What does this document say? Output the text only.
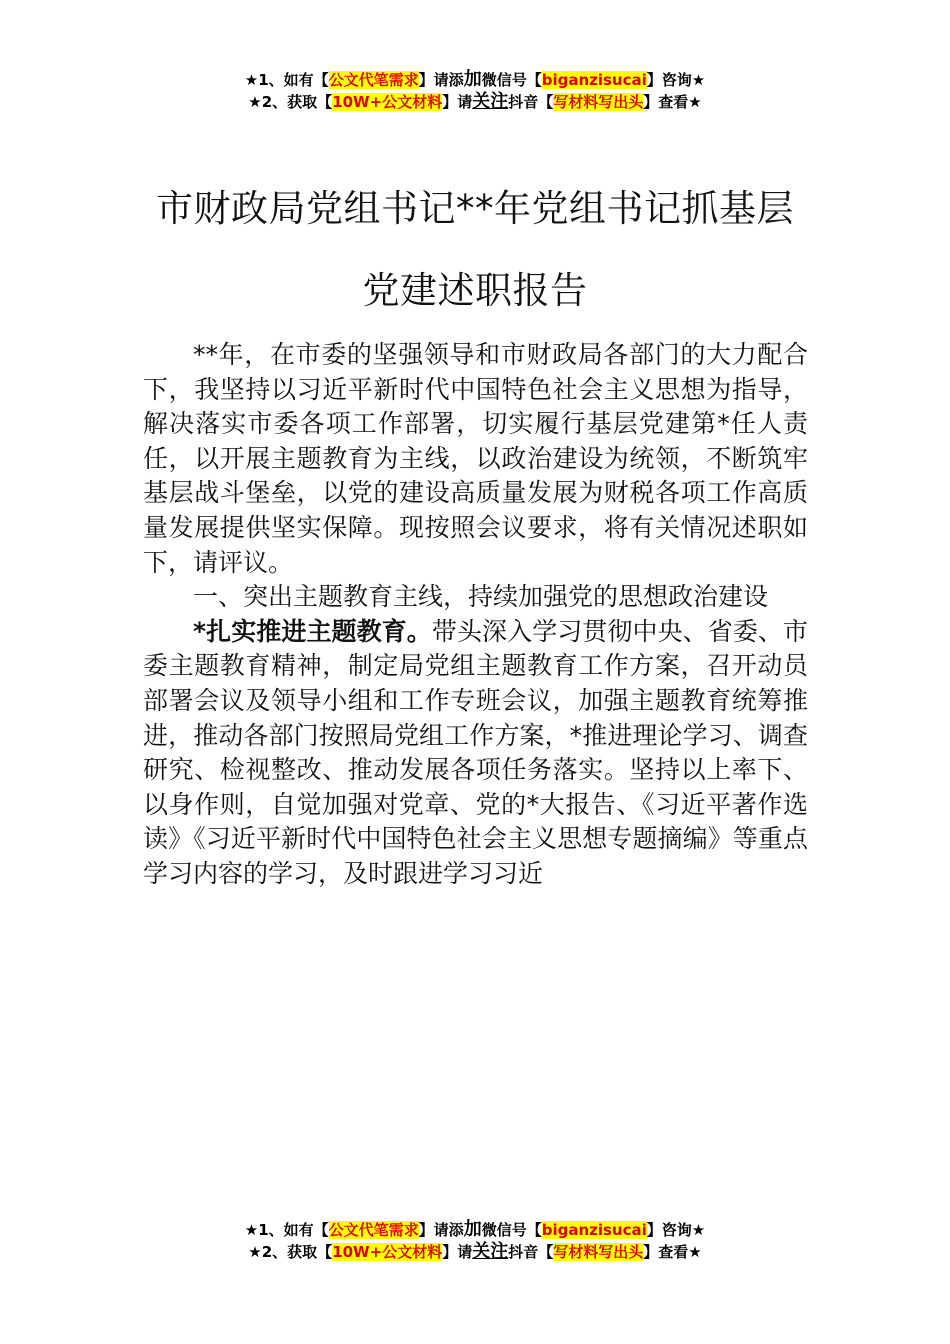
★1、如有【公文代笔需求】请添加微信号【biganzisucai】咨询★
★2、获取【10W+公文材料】请关注抖音【写材料写出头】查看★
市财政局党组书记**年党组书记抓基层党建述职报告

**年，在市委的坚强领导和市财政局各部门的大力配合下，我坚持以习近平新时代中国特色社会主义思想为指导，解决落实市委各项工作部署，切实履行基层党建第*任人责任，以开展主题教育为主线，以政治建设为统领，不断筑牢基层战斗堡垒，以党的建设高质量发展为财税各项工作高质量发展提供坚实保障。现按照会议要求，将有关情况述职如下，请评议。

一、突出主题教育主线，持续加强党的思想政治建设

*扎实推进主题教育。带头深入学习贯彻中央、省委、市委主题教育精神，制定局党组主题教育工作方案，召开动员部署会议及领导小组和工作专班会议，加强主题教育统筹推进，推动各部门按照局党组工作方案，*推进理论学习、调查研究、检视整改、推动发展各项任务落实。坚持以上率下、以身作则，自觉加强对党章、党的*大报告、《习近平著作选读》《习近平新时代中国特色社会主义思想专题摘编》等重点学习内容的学习，及时跟进学习习近

★1、如有【公文代笔需求】请添加微信号【biganzisucai】咨询★
★2、获取【10W+公文材料】请关注抖音【写材料写出头】查看★
